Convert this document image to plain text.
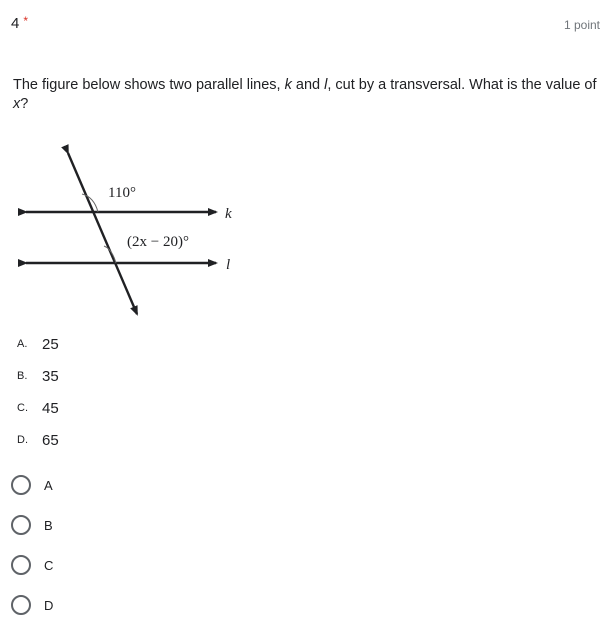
4 *	1 point
The figure below shows two parallel lines, k and l, cut by a transversal. What is the value of x?
110°
(2x − 20)°
k
l
A. 25
B. 35
C. 45
D. 65
A
B
C
D
